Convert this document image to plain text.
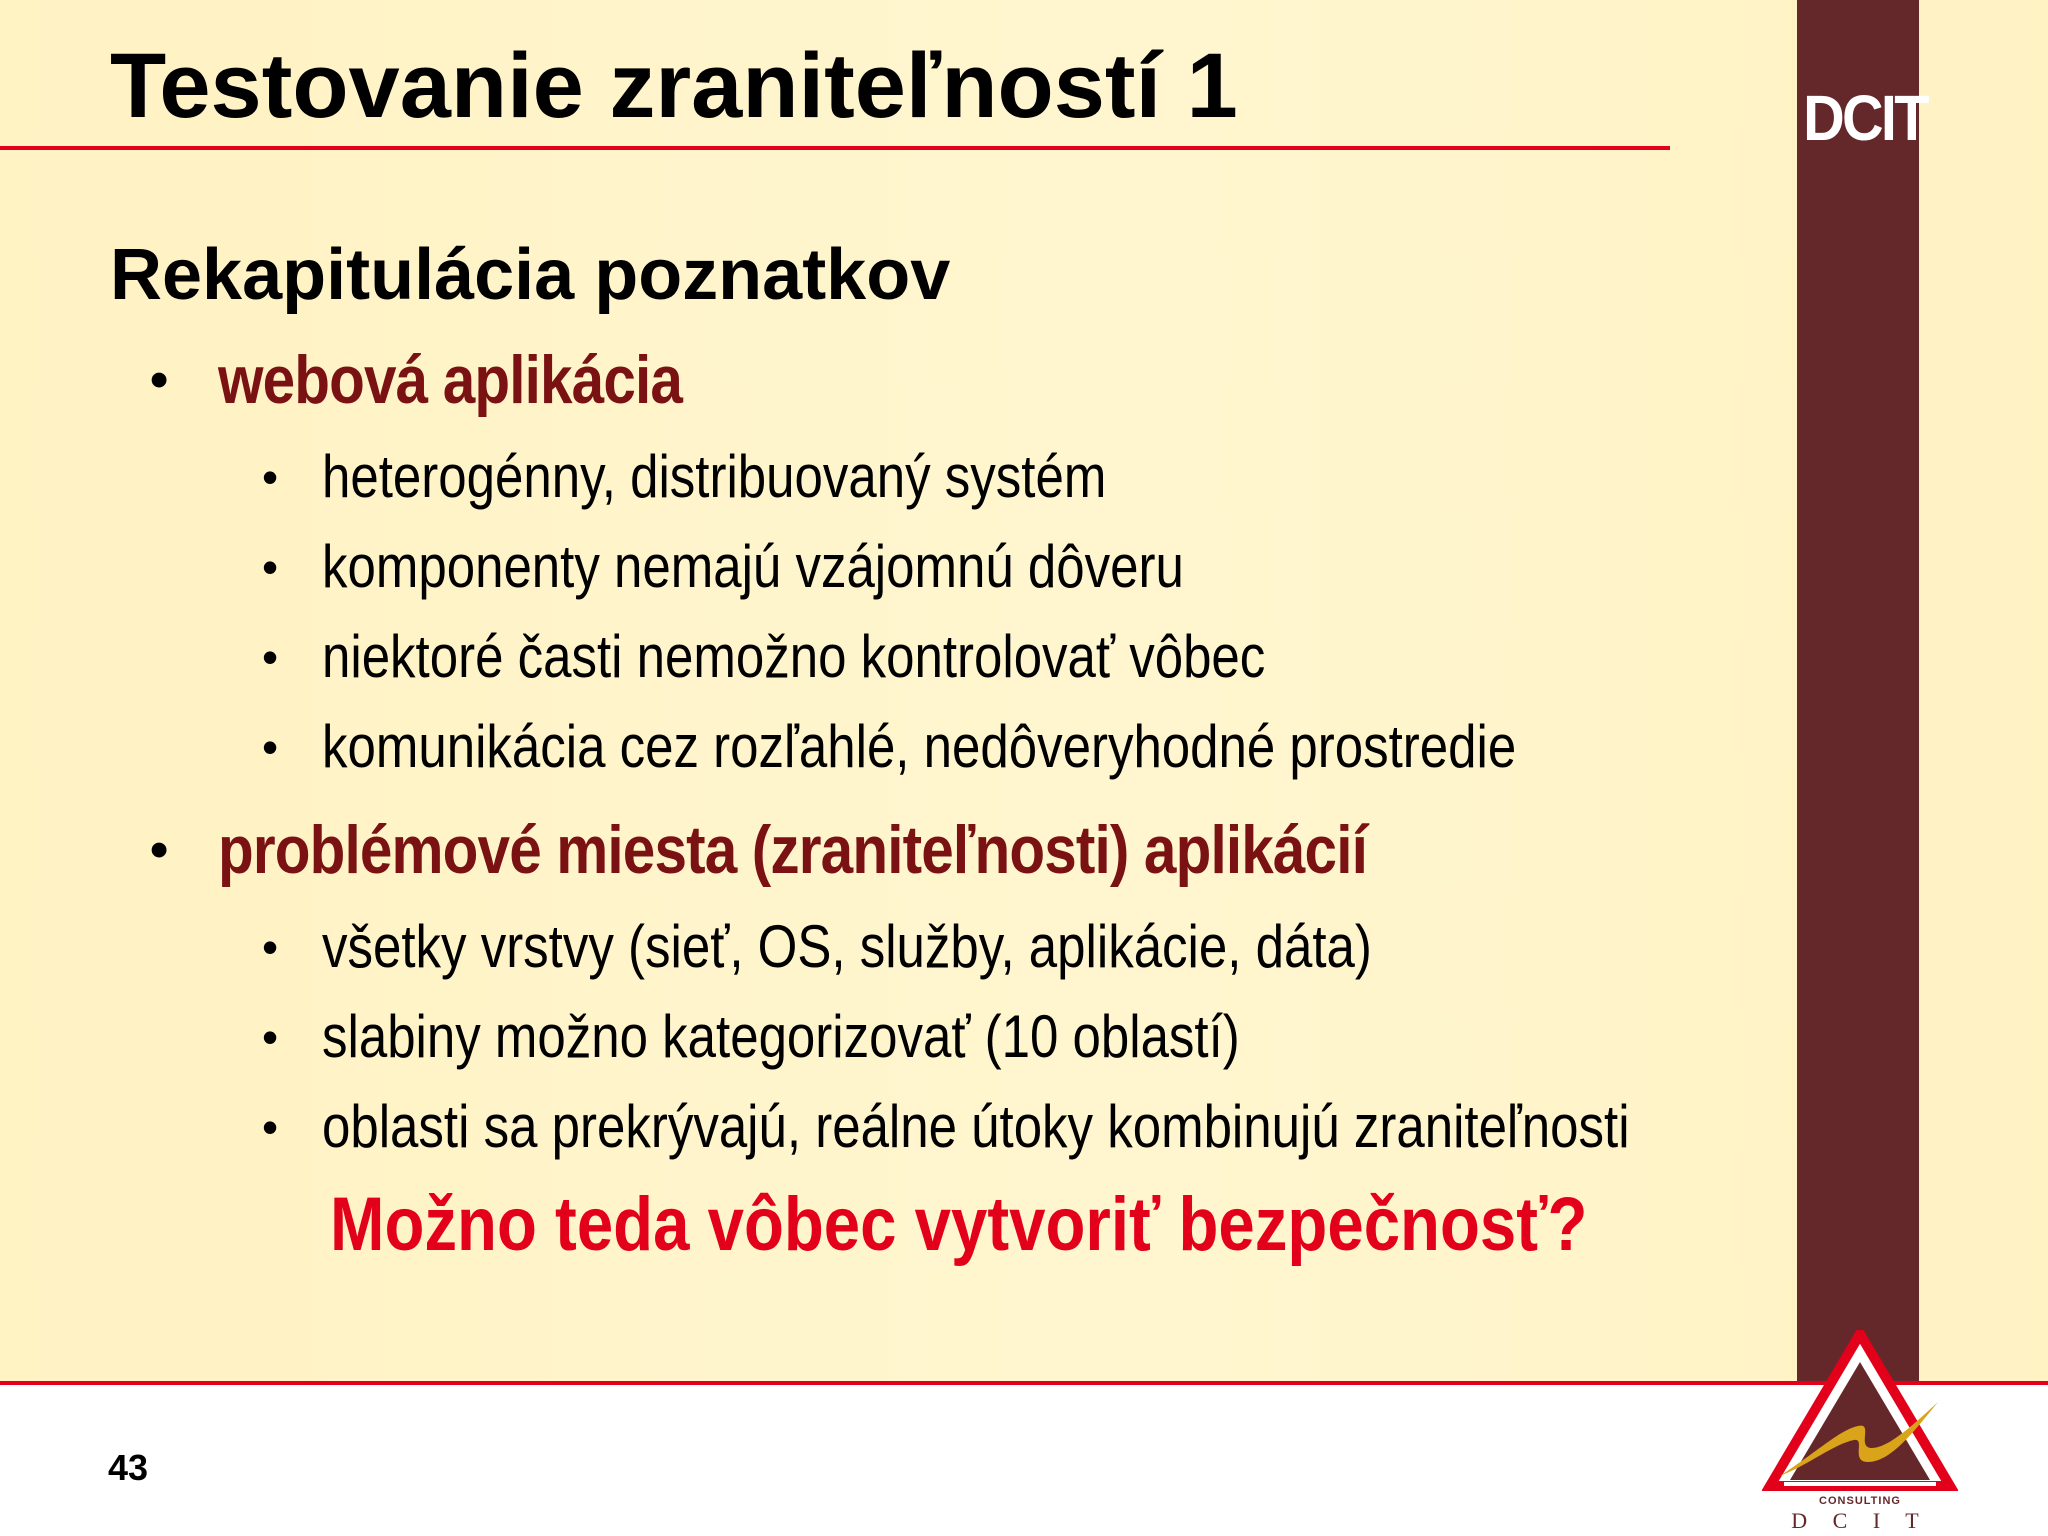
DCIT
Testovanie zraniteľností 1
Rekapitulácia poznatkov
• webová aplikácia
• heterogénny, distribuovaný systém
• komponenty nemajú vzájomnú dôveru
• niektoré časti nemožno kontrolovať vôbec
• komunikácia cez rozľahlé, nedôveryhodné prostredie
• problémové miesta (zraniteľnosti) aplikácií
• všetky vrstvy (sieť, OS, služby, aplikácie, dáta)
• slabiny možno kategorizovať (10 oblastí)
• oblasti sa prekrývajú, reálne útoky kombinujú zraniteľnosti
Možno teda vôbec vytvoriť bezpečnosť?
43
CONSULTING
D C I T
